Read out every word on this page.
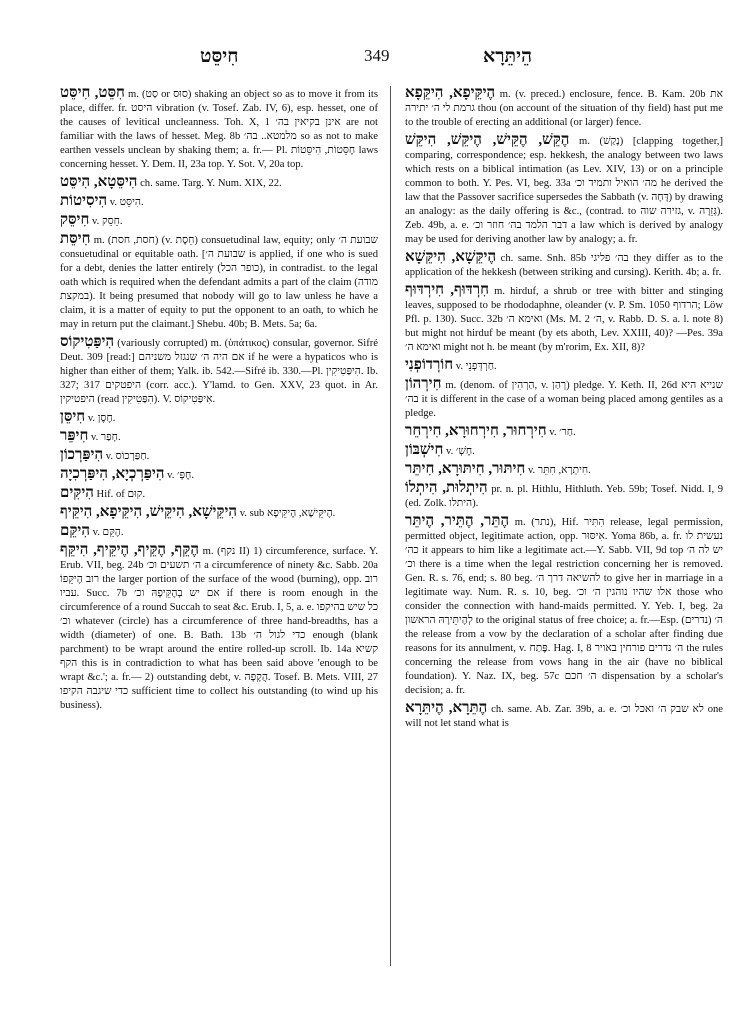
חִיסֵּט	349	הֵיתֵּרָא

חִסֵּט, חִיסֵּט m. (סַט or סוּס) shaking an object so as to move it from its place, differ. fr. היסט vibration (v. Tosef. Zab. IV, 6), esp. hesset, one of the causes of levitical uncleanness. Toh. X, 1 אינן בקיאין בה׳ are not familiar with the laws of hesset. Meg. 8b מלמטא.. בה׳ so as not to make earthen vessels unclean by shaking them; a. fr.— Pl. חֶסֵּטוֹת, הִיסֵּטוֹת laws concerning hesset. Y. Dem. II, 23a top. Y. Sot. V, 20a top.

הִיסֵּטָא, הִיסֵּט ch. same. Targ. Y. Num. XIX, 22.

הִיסִיטוֹת v. הִיסֵּט.

חִיסֵּק v. חֵסֵק.

חִיסֵּת m. (חסת, חסת) (v. חֵסֶת) consuetudinal law, equity; only שבועת ה׳ consuetudinal or equitable oath. [שבועת ה׳ is applied, if one who is sued for a debt, denies the latter entirely (כופר הכל), in contradist. to the legal oath which is required when the defendant admits a part of the claim (מודה במקצת). It being presumed that nobody will go to law unless he have a claim, it is a matter of equity to put the opponent to an oath, to which he may in return put the claimant.] Shebu. 40b; B. Mets. 5a; 6a.

הִיפַּטִיקוֹס (variously corrupted) m. (ὑπάτικος) consular, governor. Sifré Deut. 309 [read:] אם היה ה׳ שנגזל משניהם if he were a hypaticos who is higher than either of them; Yalk. ib. 542.—Sifré ib. 330.—Pl. הִיפַּטִיקִין. Ib. 327; 317 היפטקים (corr. acc.). Y'lamd. to Gen. XXV, 23 quot. in Ar. היפטיקין (read הִפַּטִיקִין). V. אִיפַּטִיקוֹס.

חִיסֵּן v. חֶסֶן.

חִיפֵּר v. חָפַר.

הִיפַּרְכוֹן v. חַפַּרְכוֹס.

הִיפַּרְכְיָא, הִיפַּרְכִיָה v. חֶפְּ׳.

הִיקִּים Hif. of קוּם.

הִיקֵּישָׁא, הִיקֵּישׁ, הִיקֵּיפָא, הִיקֵּיף v. sub הֶיקֵּישָׁא, הֶיקֵּיפָא.

הִיקֵּם v. הֶקֵּם.

הֶקֵּף, הֶקֵּיף, הֶיקֵּיף, הִיקֵּף m. (נקף II) 1) circumference, surface. Y. Erub. VII, beg. 24b ה׳ תשעים וכ׳ a circumference of ninety &c. Sabb. 20a רוב הֶיקֵּפוֹ the larger portion of the surface of the wood (burning), opp. רוב עביו. Succ. 7b אם יש בְהֶקֵּיפָהּ וכ׳ if there is room enough in the circumference of a round Succah to seat &c. Erub. I, 5, a. e. כל שיש בהיקפו וכ׳ whatever (circle) has a circumference of three hand-breadths, has a width (diameter) of one. B. Bath. 13b כדי לגול ה׳ enough (blank parchment) to be wrapt around the entire rolled-up scroll. Ib. 14a קשיא הקף this is in contradiction to what has been said above 'enough to be wrapt &c.'; a. fr.— 2) outstanding debt, v. הֲקָפָה. Tosef. B. Mets. VIII, 27 כדי שיגבה הקיפו sufficient time to collect his outstanding (to wind up his business).

הֶיקֵּיפָא, הִיקֵּפָא m. (v. preced.) enclosure, fence. B. Kam. 20b את גרמת לי ה׳ יתירה thou (on account of the situation of thy field) hast put me to the trouble of erecting an additional (or larger) fence.

הֶקֵּשׁ, הֶקֵּישׁ, הֶיקֵּשׁ, הִיקֵּשׁ m. (נָקַשׁ) [clapping together,] comparing, correspondence; esp. hekkesh, the analogy between two laws which rests on a biblical intimation (as Lev. XIV, 13) or on a principle common to both. Y. Pes. VI, beg. 33a מה׳ הואיל ותמיד וכ׳ he derived the law that the Passover sacrifice supersedes the Sabbath (v. דָּחָה) by drawing an analogy: as the daily offering is &c., (contrad. to גזירה שוה, v. גְּזֵרָה). Zeb. 49b, a. e. דבר הלמד בה׳ חוזר וכ׳ a law which is derived by analogy may be used for deriving another law by analogy; a. fr.

הֶיקֵּשָׁא, הִיקֵּשָׁא ch. same. Snh. 85b בה׳ פליגי they differ as to the application of the hekkesh (between striking and cursing). Kerith. 4b; a. fr.

חִרְדּוּף, חִירְדּוּף m. hirduf, a shrub or tree with bitter and stinging leaves, supposed to be rhododaphne, oleander (v. P. Sm. 1050 הרדוף; Löw Pfl. p. 130). Succ. 32b ואימא ה׳ (Ms. M. 2 ה׳, v. Rabb. D. S. a. l. note 8) but might not hirduf be meant (by ets aboth, Lev. XXIII, 40)? —Pes. 39a ואימא ה׳ might not h. be meant (by m'rorim, Ex. XII, 8)?

חוֹרְדוֹפְנִי v. חַרְדְּפְנֵי.

חִירְהוֹן m. (denom. of הַרְהִין, v. רְהַן) pledge. Y. Keth. II, 26d שנייא היא בה׳ it is different in the case of a woman being placed among gentiles as a pledge.

חִירְחוּר, חִירְחוּרָא, חִירְחֵר v. חַר׳.

חִישְׁבּוֹן v. חֶשְׁ׳.

חִיתּוּר, חִיתּוּרָא, חִיתֵּר v. חִיתְרָא, חִתֵּר.

הִיתְלוּת, הִיתְלוֹ pr. n. pl. Hithlu, Hithluth. Yeb. 59b; Tosef. Nidd. I, 9 (ed. Zolk. היתלו).

הֶתֵּר, הֶתֵּיר, הֶיתֵּר m. (נתר), Hif. הִתִּיר release, legal permission, permitted object, legitimate action, opp. אִיסּוּר. Yoma 86b, a. fr. נעשית לו כה׳ it appears to him like a legitimate act.—Y. Sabb. VII, 9d top יש לה ה׳ וכ׳ there is a time when the legal restriction concerning her is removed. Gen. R. s. 76, end; s. 80 beg. להשיאה דרך ה׳ to give her in marriage in a legitimate way. Num. R. s. 10, beg. אלו שהיו נוהגין ה׳ וכ׳ those who consider the connection with hand-maids permitted. Y. Yeb. I, beg. 2a לְהֶיתֵּירָהּ הראשון to the original status of free choice; a. fr.—Esp. ה׳ (נדרים) the release from a vow by the declaration of a scholar after finding due reasons for its annulment, v. פֶּתַח. Hag. I, 8 ה׳ נדרים פורחין באויר the rules concerning the release from vows hang in the air (have no biblical foundation). Y. Naz. IX, beg. 57c ה׳ חכם dispensation by a scholar's decision; a. fr.

הֶתֵּרָא, הֶיתֵּרָא ch. same. Ab. Zar. 39b, a. e. לא שבק ה׳ ואכל וכ׳ one will not let stand what is
